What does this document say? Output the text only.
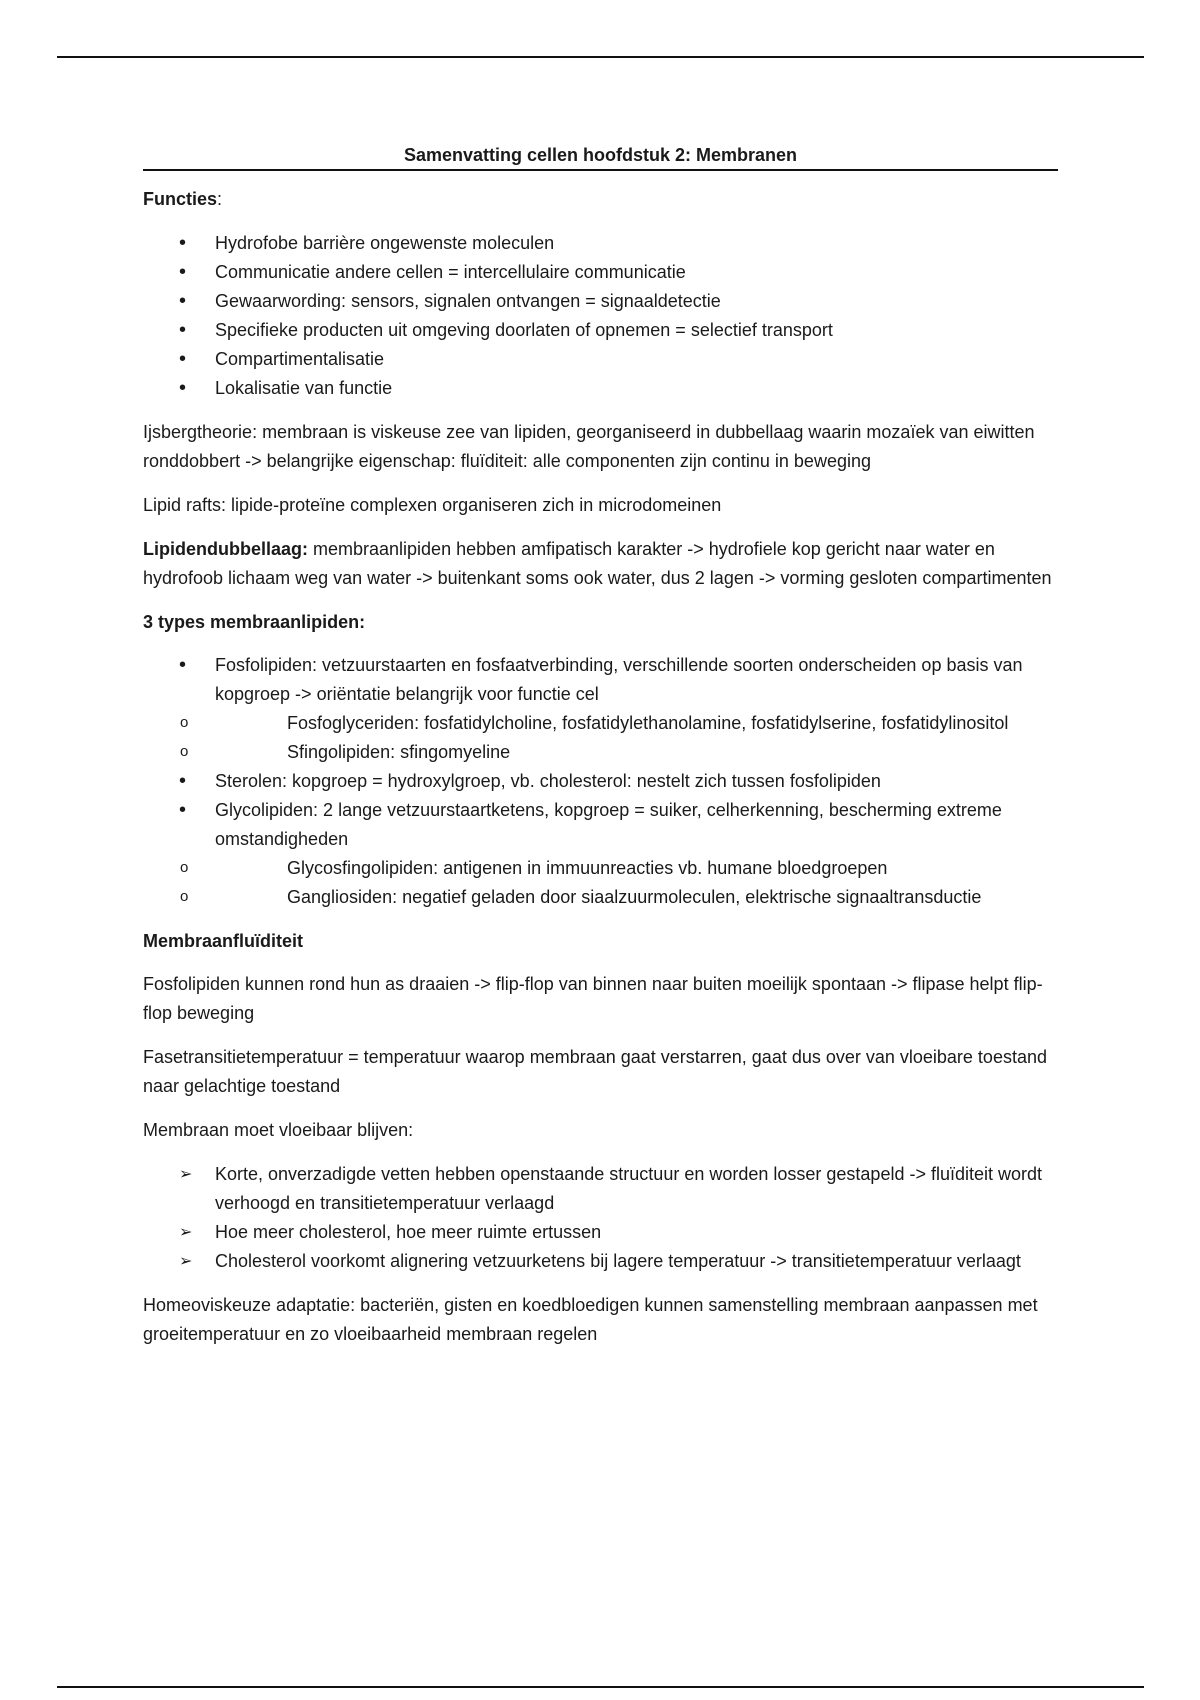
Samenvatting cellen hoofdstuk 2: Membranen

Functies:

• Hydrofobe barrière ongewenste moleculen
• Communicatie andere cellen = intercellulaire communicatie
• Gewaarwording: sensors, signalen ontvangen = signaaldetectie
• Specifieke producten uit omgeving doorlaten of opnemen = selectief transport
• Compartimentalisatie
• Lokalisatie van functie

Ijsbergtheorie: membraan is viskeuse zee van lipiden, georganiseerd in dubbellaag waarin mozaïek van eiwitten ronddobbert -> belangrijke eigenschap: fluïditeit: alle componenten zijn continu in beweging

Lipid rafts: lipide-proteïne complexen organiseren zich in microdomeinen

Lipidendubbellaag: membraanlipiden hebben amfipatisch karakter -> hydrofiele kop gericht naar water en hydrofoob lichaam weg van water -> buitenkant soms ook water, dus 2 lagen -> vorming gesloten compartimenten

3 types membraanlipiden:

• Fosfolipiden: vetzuurstaarten en fosfaatverbinding, verschillende soorten onderscheiden op basis van kopgroep -> oriëntatie belangrijk voor functie cel
o Fosfoglyceriden: fosfatidylcholine, fosfatidylethanolamine, fosfatidylserine, fosfatidylinositol
o Sfingolipiden: sfingomyeline
• Sterolen: kopgroep = hydroxylgroep, vb. cholesterol: nestelt zich tussen fosfolipiden
• Glycolipiden: 2 lange vetzuurstaartketens, kopgroep = suiker, celherkenning, bescherming extreme omstandigheden
o Glycosfingolipiden: antigenen in immuunreacties vb. humane bloedgroepen
o Gangliosiden: negatief geladen door siaalzuurmoleculen, elektrische signaaltransductie

Membraanfluïditeit

Fosfolipiden kunnen rond hun as draaien -> flip-flop van binnen naar buiten moeilijk spontaan -> flipase helpt flip-flop beweging

Fasetransitietemperatuur = temperatuur waarop membraan gaat verstarren, gaat dus over van vloeibare toestand naar gelachtige toestand

Membraan moet vloeibaar blijven:

➢ Korte, onverzadigde vetten hebben openstaande structuur en worden losser gestapeld -> fluïditeit wordt verhoogd en transitietemperatuur verlaagd
➢ Hoe meer cholesterol, hoe meer ruimte ertussen
➢ Cholesterol voorkomt alignering vetzuurketens bij lagere temperatuur -> transitietemperatuur verlaagt

Homeoviskeuze adaptatie: bacteriën, gisten en koedbloedigen kunnen samenstelling membraan aanpassen met groeitemperatuur en zo vloeibaarheid membraan regelen
